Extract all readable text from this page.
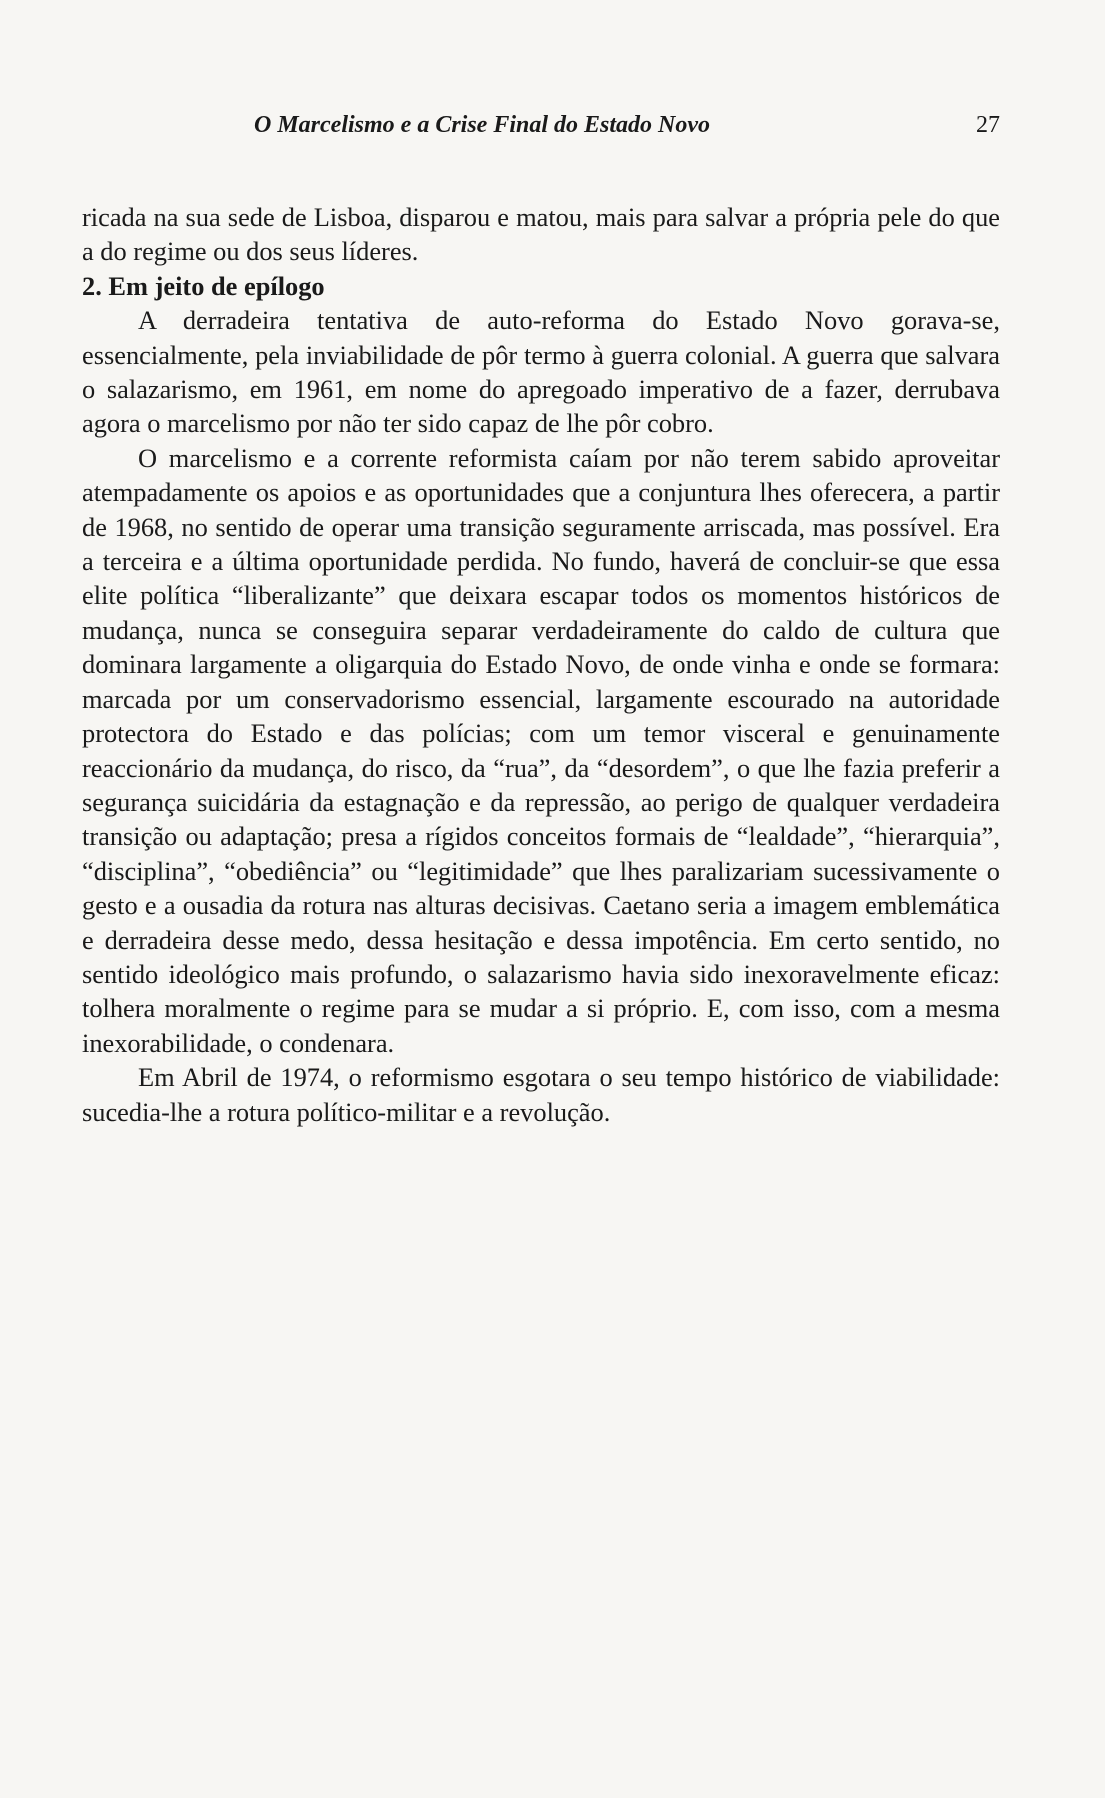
O Marcelismo e a Crise Final do Estado Novo	27

ricada na sua sede de Lisboa, disparou e matou, mais para salvar a própria pele do que a do regime ou dos seus líderes.

2. Em jeito de epílogo

A derradeira tentativa de auto-reforma do Estado Novo gorava-se, essencialmente, pela inviabilidade de pôr termo à guerra colonial. A guerra que salvara o salazarismo, em 1961, em nome do apregoado imperativo de a fazer, derrubava agora o marcelismo por não ter sido capaz de lhe pôr cobro.

O marcelismo e a corrente reformista caíam por não terem sabido aproveitar atempadamente os apoios e as oportunidades que a conjuntura lhes oferecera, a partir de 1968, no sentido de operar uma transição seguramente arriscada, mas possível. Era a terceira e a última oportunidade perdida. No fundo, haverá de concluir-se que essa elite política “liberalizante” que deixara escapar todos os momentos históricos de mudança, nunca se conseguira separar verdadeiramente do caldo de cultura que dominara largamente a oligarquia do Estado Novo, de onde vinha e onde se formara: marcada por um conservadorismo essencial, largamente escourado na autoridade protectora do Estado e das polícias; com um temor visceral e genuinamente reaccionário da mudança, do risco, da “rua”, da “desordem”, o que lhe fazia preferir a segurança suicidária da estagnação e da repressão, ao perigo de qualquer verdadeira transição ou adaptação; presa a rígidos conceitos formais de “lealdade”, “hierarquia”, “disciplina”, “obediência” ou “legitimidade” que lhes paralizariam sucessivamente o gesto e a ousadia da rotura nas alturas decisivas. Caetano seria a imagem emblemática e derradeira desse medo, dessa hesitação e dessa impotência. Em certo sentido, no sentido ideológico mais profundo, o salazarismo havia sido inexoravelmente eficaz: tolhera moralmente o regime para se mudar a si próprio. E, com isso, com a mesma inexorabilidade, o condenara.

Em Abril de 1974, o reformismo esgotara o seu tempo histórico de viabilidade: sucedia-lhe a rotura político-militar e a revolução.
